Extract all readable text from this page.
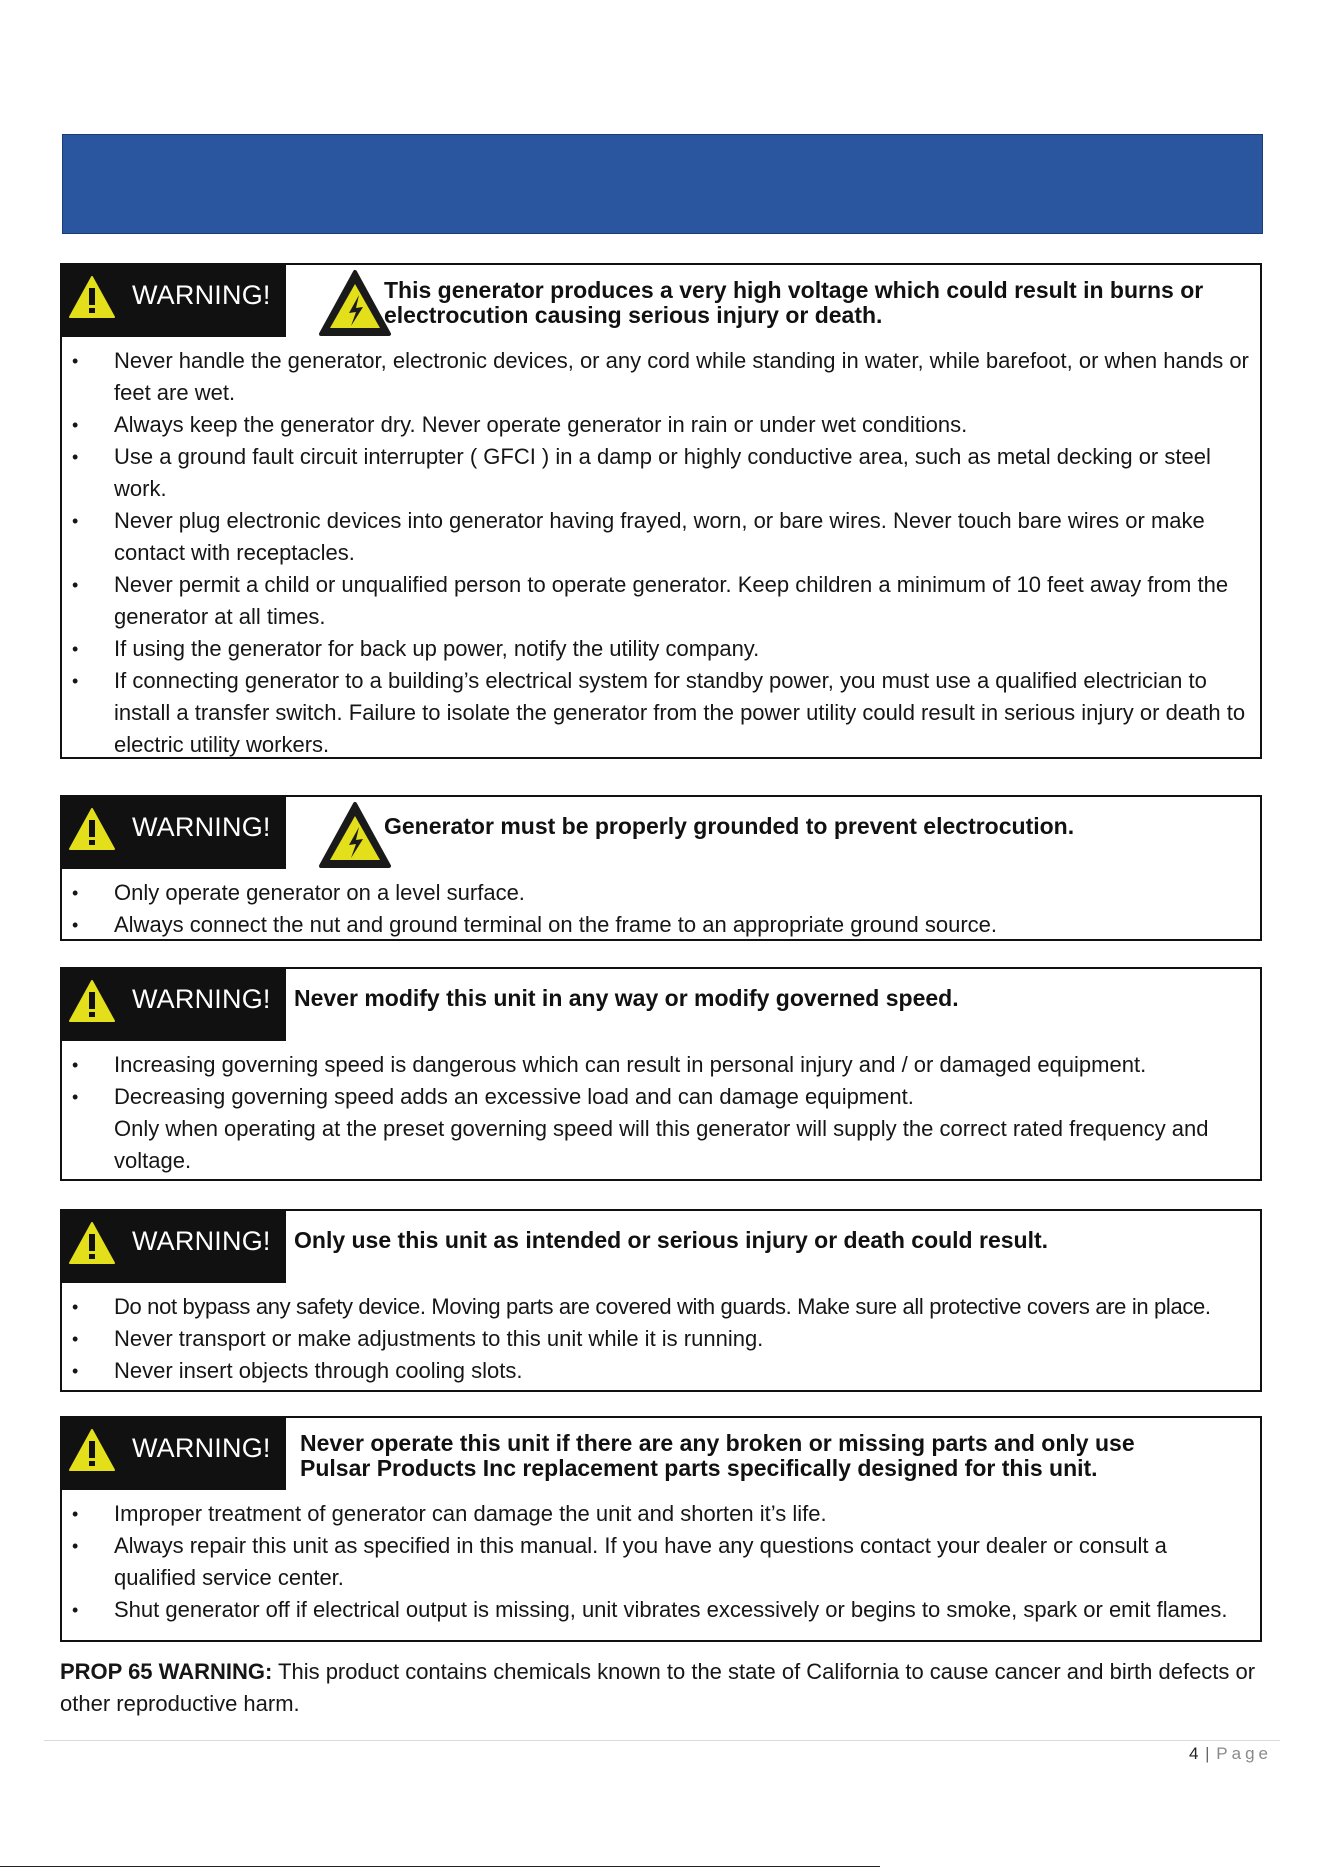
WARNING!	This generator produces a very high voltage which could result in burns or electrocution causing serious injury or death.
• Never handle the generator, electronic devices, or any cord while standing in water, while barefoot, or when hands or feet are wet.
• Always keep the generator dry. Never operate generator in rain or under wet conditions.
• Use a ground fault circuit interrupter ( GFCI ) in a damp or highly conductive area, such as metal decking or steel work.
• Never plug electronic devices into generator having frayed, worn, or bare wires. Never touch bare wires or make contact with receptacles.
• Never permit a child or unqualified person to operate generator. Keep children a minimum of 10 feet away from the generator at all times.
• If using the generator for back up power, notify the utility company.
• If connecting generator to a building’s electrical system for standby power, you must use a qualified electrician to install a transfer switch. Failure to isolate the generator from the power utility could result in serious injury or death to electric utility workers.
WARNING!	Generator must be properly grounded to prevent electrocution.
• Only operate generator on a level surface.
• Always connect the nut and ground terminal on the frame to an appropriate ground source.
WARNING! Never modify this unit in any way or modify governed speed.
• Increasing governing speed is dangerous which can result in personal injury and / or damaged equipment.
• Decreasing governing speed adds an excessive load and can damage equipment.
Only when operating at the preset governing speed will this generator will supply the correct rated frequency and voltage.
WARNING! Only use this unit as intended or serious injury or death could result.
• Do not bypass any safety device. Moving parts are covered with guards. Make sure all protective covers are in place.
• Never transport or make adjustments to this unit while it is running.
• Never insert objects through cooling slots.
WARNING! Never operate this unit if there are any broken or missing parts and only use Pulsar Products Inc replacement parts specifically designed for this unit.
• Improper treatment of generator can damage the unit and shorten it’s life.
• Always repair this unit as specified in this manual. If you have any questions contact your dealer or consult a qualified service center.
• Shut generator off if electrical output is missing, unit vibrates excessively or begins to smoke, spark or emit flames.
PROP 65 WARNING: This product contains chemicals known to the state of California to cause cancer and birth defects or other reproductive harm.
4 | Page
